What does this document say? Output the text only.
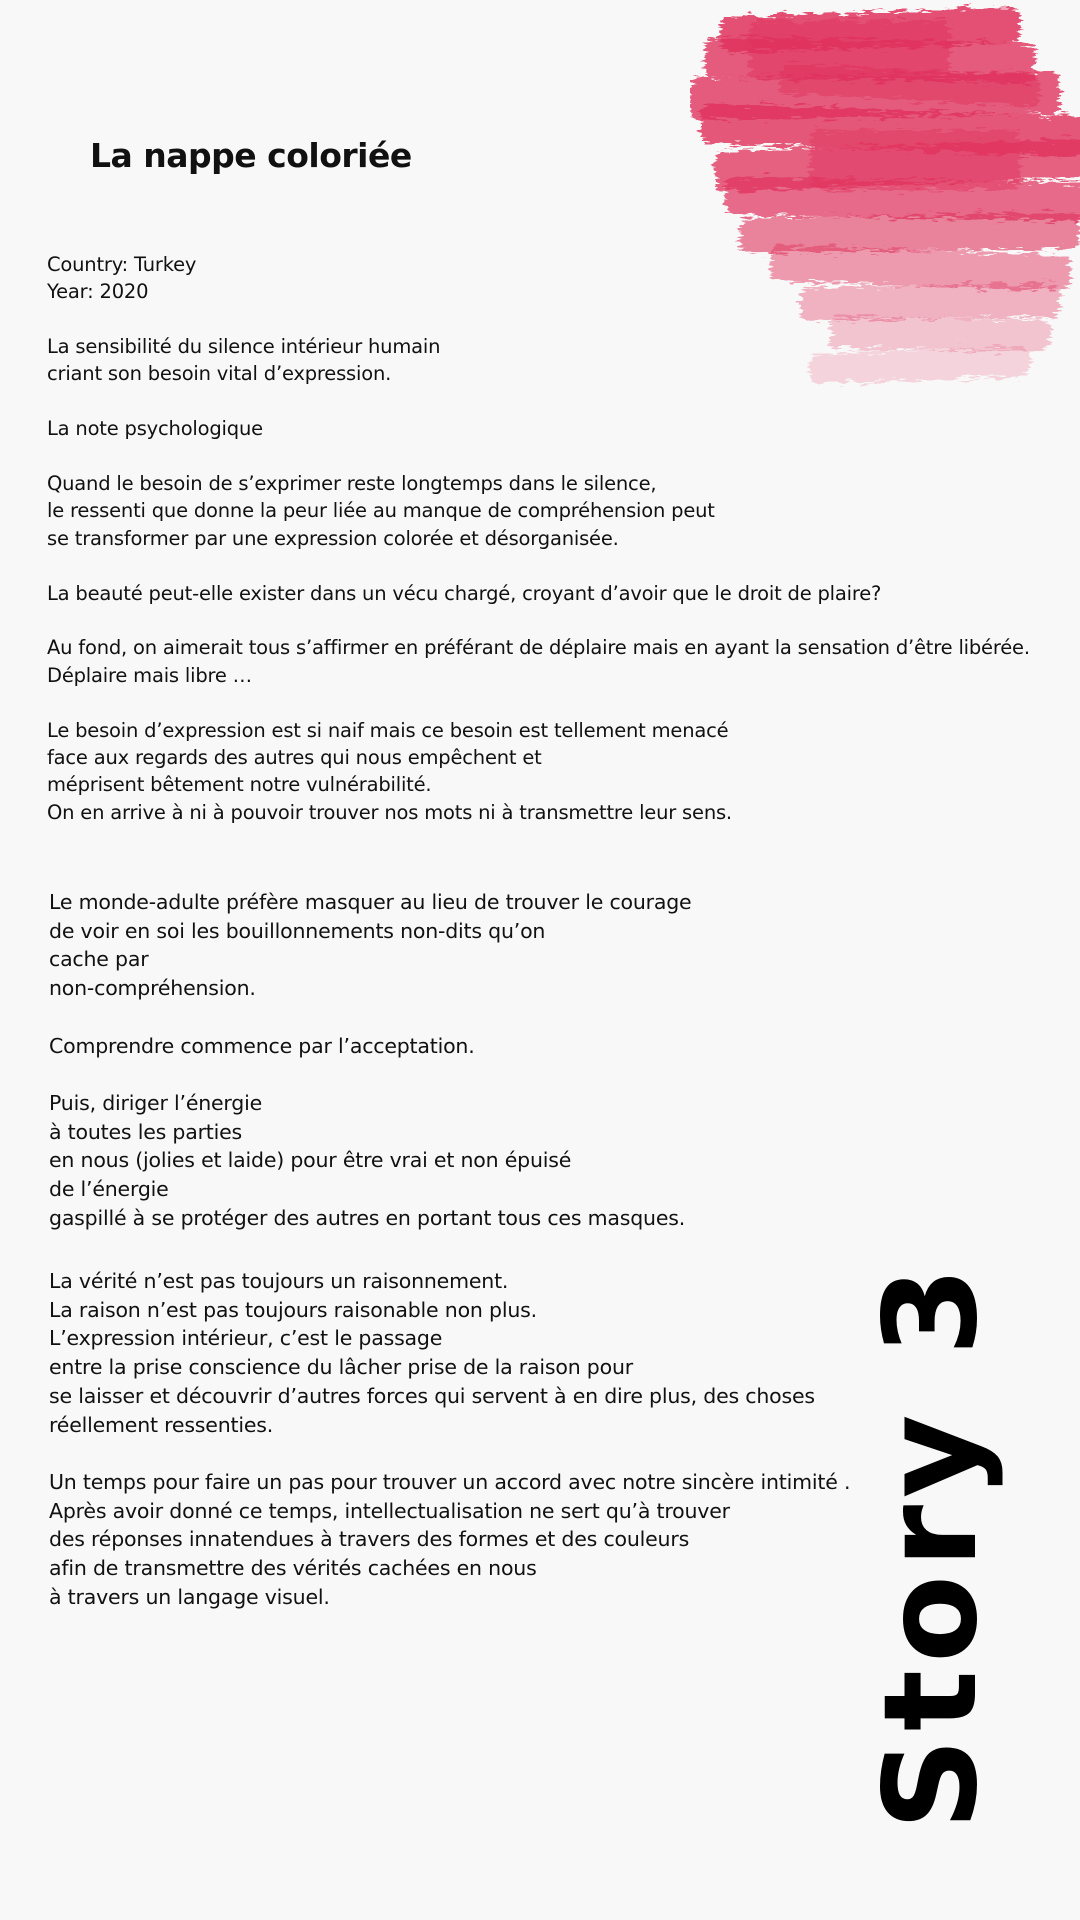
La nappe coloriée
Country: Turkey
Year: 2020
La sensibilité du silence intérieur humain
criant son besoin vital d’expression.
La note psychologique
Quand le besoin de s’exprimer reste longtemps dans le silence,
le ressenti que donne la peur liée au manque de compréhension peut
se transformer par une expression colorée et désorganisée.
La beauté peut-elle exister dans un vécu chargé, croyant d’avoir que le droit de plaire?
Au fond, on aimerait tous s’affirmer en préférant de déplaire mais en ayant la sensation d’être libérée.
Déplaire mais libre …
Le besoin d’expression est si naif mais ce besoin est tellement menacé
face aux regards des autres qui nous empêchent et
méprisent bêtement notre vulnérabilité.
On en arrive à ni à pouvoir trouver nos mots ni à transmettre leur sens.
Le monde-adulte préfère masquer au lieu de trouver le courage
de voir en soi les bouillonnements non-dits qu’on
cache par
non-compréhension.
Comprendre commence par l’acceptation.
Puis, diriger l’énergie
à toutes les parties
en nous (jolies et laide) pour être vrai et non épuisé
de l’énergie
gaspillé à se protéger des autres en portant tous ces masques.
La vérité n’est pas toujours un raisonnement.
La raison n’est pas toujours raisonable non plus.
L’expression intérieur, c’est le passage
entre la prise conscience du lâcher prise de la raison pour
se laisser et découvrir d’autres forces qui servent à en dire plus, des choses
réellement ressenties.
Un temps pour faire un pas pour trouver un accord avec notre sincère intimité .
Après avoir donné ce temps, intellectualisation ne sert qu’à trouver
des réponses innatendues à travers des formes et des couleurs
afin de transmettre des vérités cachées en nous
à travers un langage visuel.	Story 3
